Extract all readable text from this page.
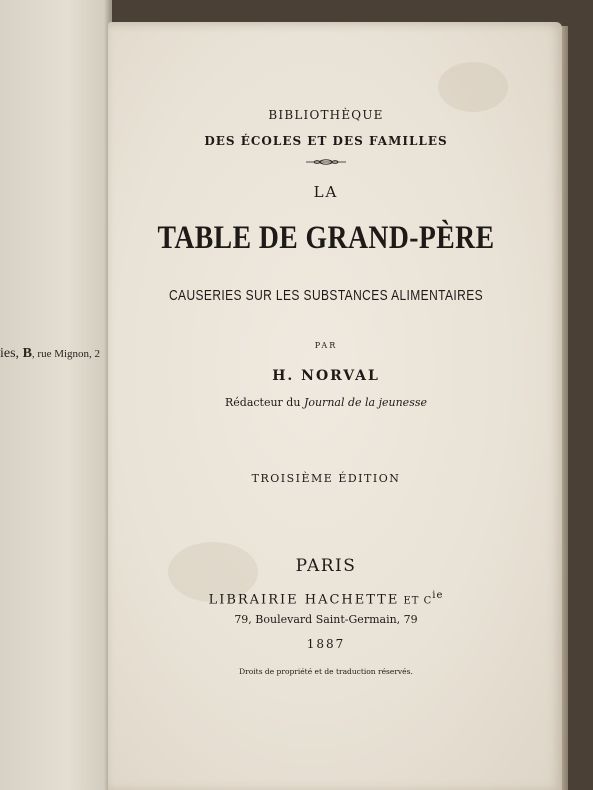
ies, B, rue Mignon, 2
BIBLIOTHÈQUE
DES ÉCOLES ET DES FAMILLES
LA
TABLE DE GRAND-PÈRE
CAUSERIES SUR LES SUBSTANCES ALIMENTAIRES
PAR
H. NORVAL
Rédacteur du Journal de la jeunesse
TROISIÈME ÉDITION
PARIS
LIBRAIRIE HACHETTE ET $C^{ie}$
79, Boulevard Saint-Germain, 79
1887
Droits de propriété et de traduction réservés.
